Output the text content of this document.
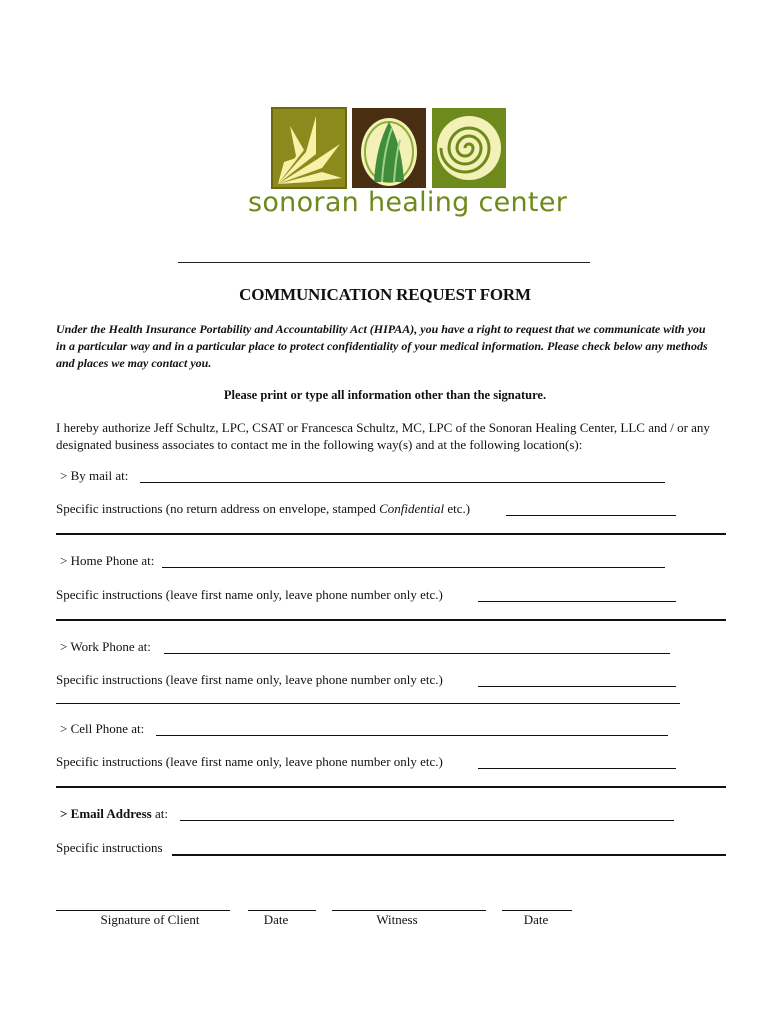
sonoran healing center
COMMUNICATION REQUEST FORM
Under the Health Insurance Portability and Accountability Act (HIPAA), you have a right to request that we communicate with you in a particular way and in a particular place to protect confidentiality of your medical information. Please check below any methods and places we may contact you.
Please print or type all information other than the signature.
I hereby authorize Jeff Schultz, LPC, CSAT or Francesca Schultz, MC, LPC of the Sonoran Healing Center, LLC and / or any designated business associates to contact me in the following way(s) and at the following location(s):
> By mail at:
Specific instructions (no return address on envelope, stamped Confidential etc.)
> Home Phone at:
Specific instructions (leave first name only, leave phone number only etc.)
> Work Phone at:
Specific instructions (leave first name only, leave phone number only etc.)
> Cell Phone at:
Specific instructions (leave first name only, leave phone number only etc.)
> Email Address at:
Specific instructions
Signature of Client	Date	Witness	Date
